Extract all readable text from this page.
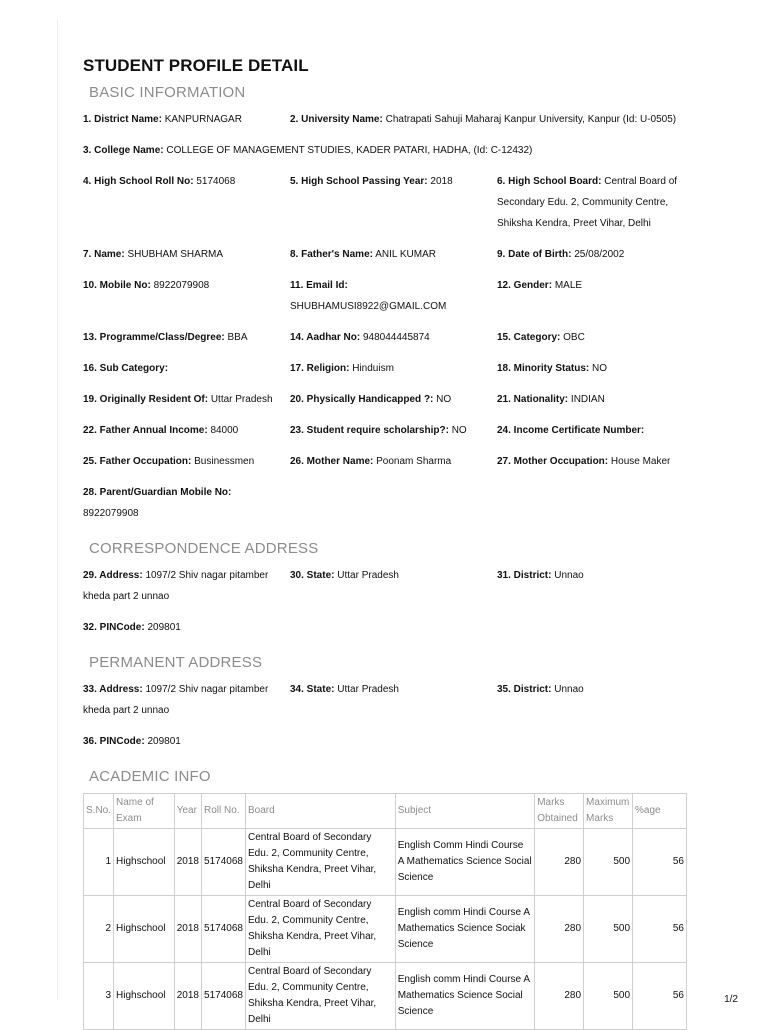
STUDENT PROFILE DETAIL
BASIC INFORMATION
1. District Name: KANPURNAGAR	2. University Name: Chatrapati Sahuji Maharaj Kanpur University, Kanpur (Id: U-0505)
3. College Name: COLLEGE OF MANAGEMENT STUDIES, KADER PATARI, HADHA, (Id: C-12432)
4. High School Roll No: 5174068	5. High School Passing Year: 2018	6. High School Board: Central Board of Secondary Edu. 2, Community Centre, Shiksha Kendra, Preet Vihar, Delhi
7. Name: SHUBHAM SHARMA	8. Father's Name: ANIL KUMAR	9. Date of Birth: 25/08/2002
10. Mobile No: 8922079908	11. Email Id:
SHUBHAMUSI8922@GMAIL.COM
12. Gender: MALE
13. Programme/Class/Degree: BBA	14. Aadhar No: 948044445874	15. Category: OBC
16. Sub Category:	17. Religion: Hinduism	18. Minority Status: NO
19. Originally Resident Of: Uttar Pradesh	20. Physically Handicapped ?: NO	21. Nationality: INDIAN
22. Father Annual Income: 84000	23. Student require scholarship?: NO	24. Income Certificate Number:
25. Father Occupation: Businessmen	26. Mother Name: Poonam Sharma	27. Mother Occupation: House Maker
28. Parent/Guardian Mobile No:
8922079908
CORRESPONDENCE ADDRESS
29. Address: 1097/2 Shiv nagar pitamber kheda part 2 unnao
30. State: Uttar Pradesh	31. District: Unnao
32. PINCode: 209801
PERMANENT ADDRESS
33. Address: 1097/2 Shiv nagar pitamber kheda part 2 unnao
34. State: Uttar Pradesh	35. District: Unnao
36. PINCode: 209801
ACADEMIC INFO
S.No.	Name of Exam	Year	Roll No.	Board	Subject	Marks Obtained	Maximum Marks	%age
1	Highschool	2018	5174068	Central Board of Secondary Edu. 2, Community Centre, Shiksha Kendra, Preet Vihar, Delhi	English Comm Hindi Course A Mathematics Science Social Science	280	500	56
2	Highschool	2018	5174068	Central Board of Secondary Edu. 2, Community Centre, Shiksha Kendra, Preet Vihar, Delhi	English comm Hindi Course A Mathematics Science Sociak Science	280	500	56
3	Highschool	2018	5174068	Central Board of Secondary Edu. 2, Community Centre, Shiksha Kendra, Preet Vihar, Delhi	English comm Hindi Course A Mathematics Science Social Science	280	500	56	1/2
